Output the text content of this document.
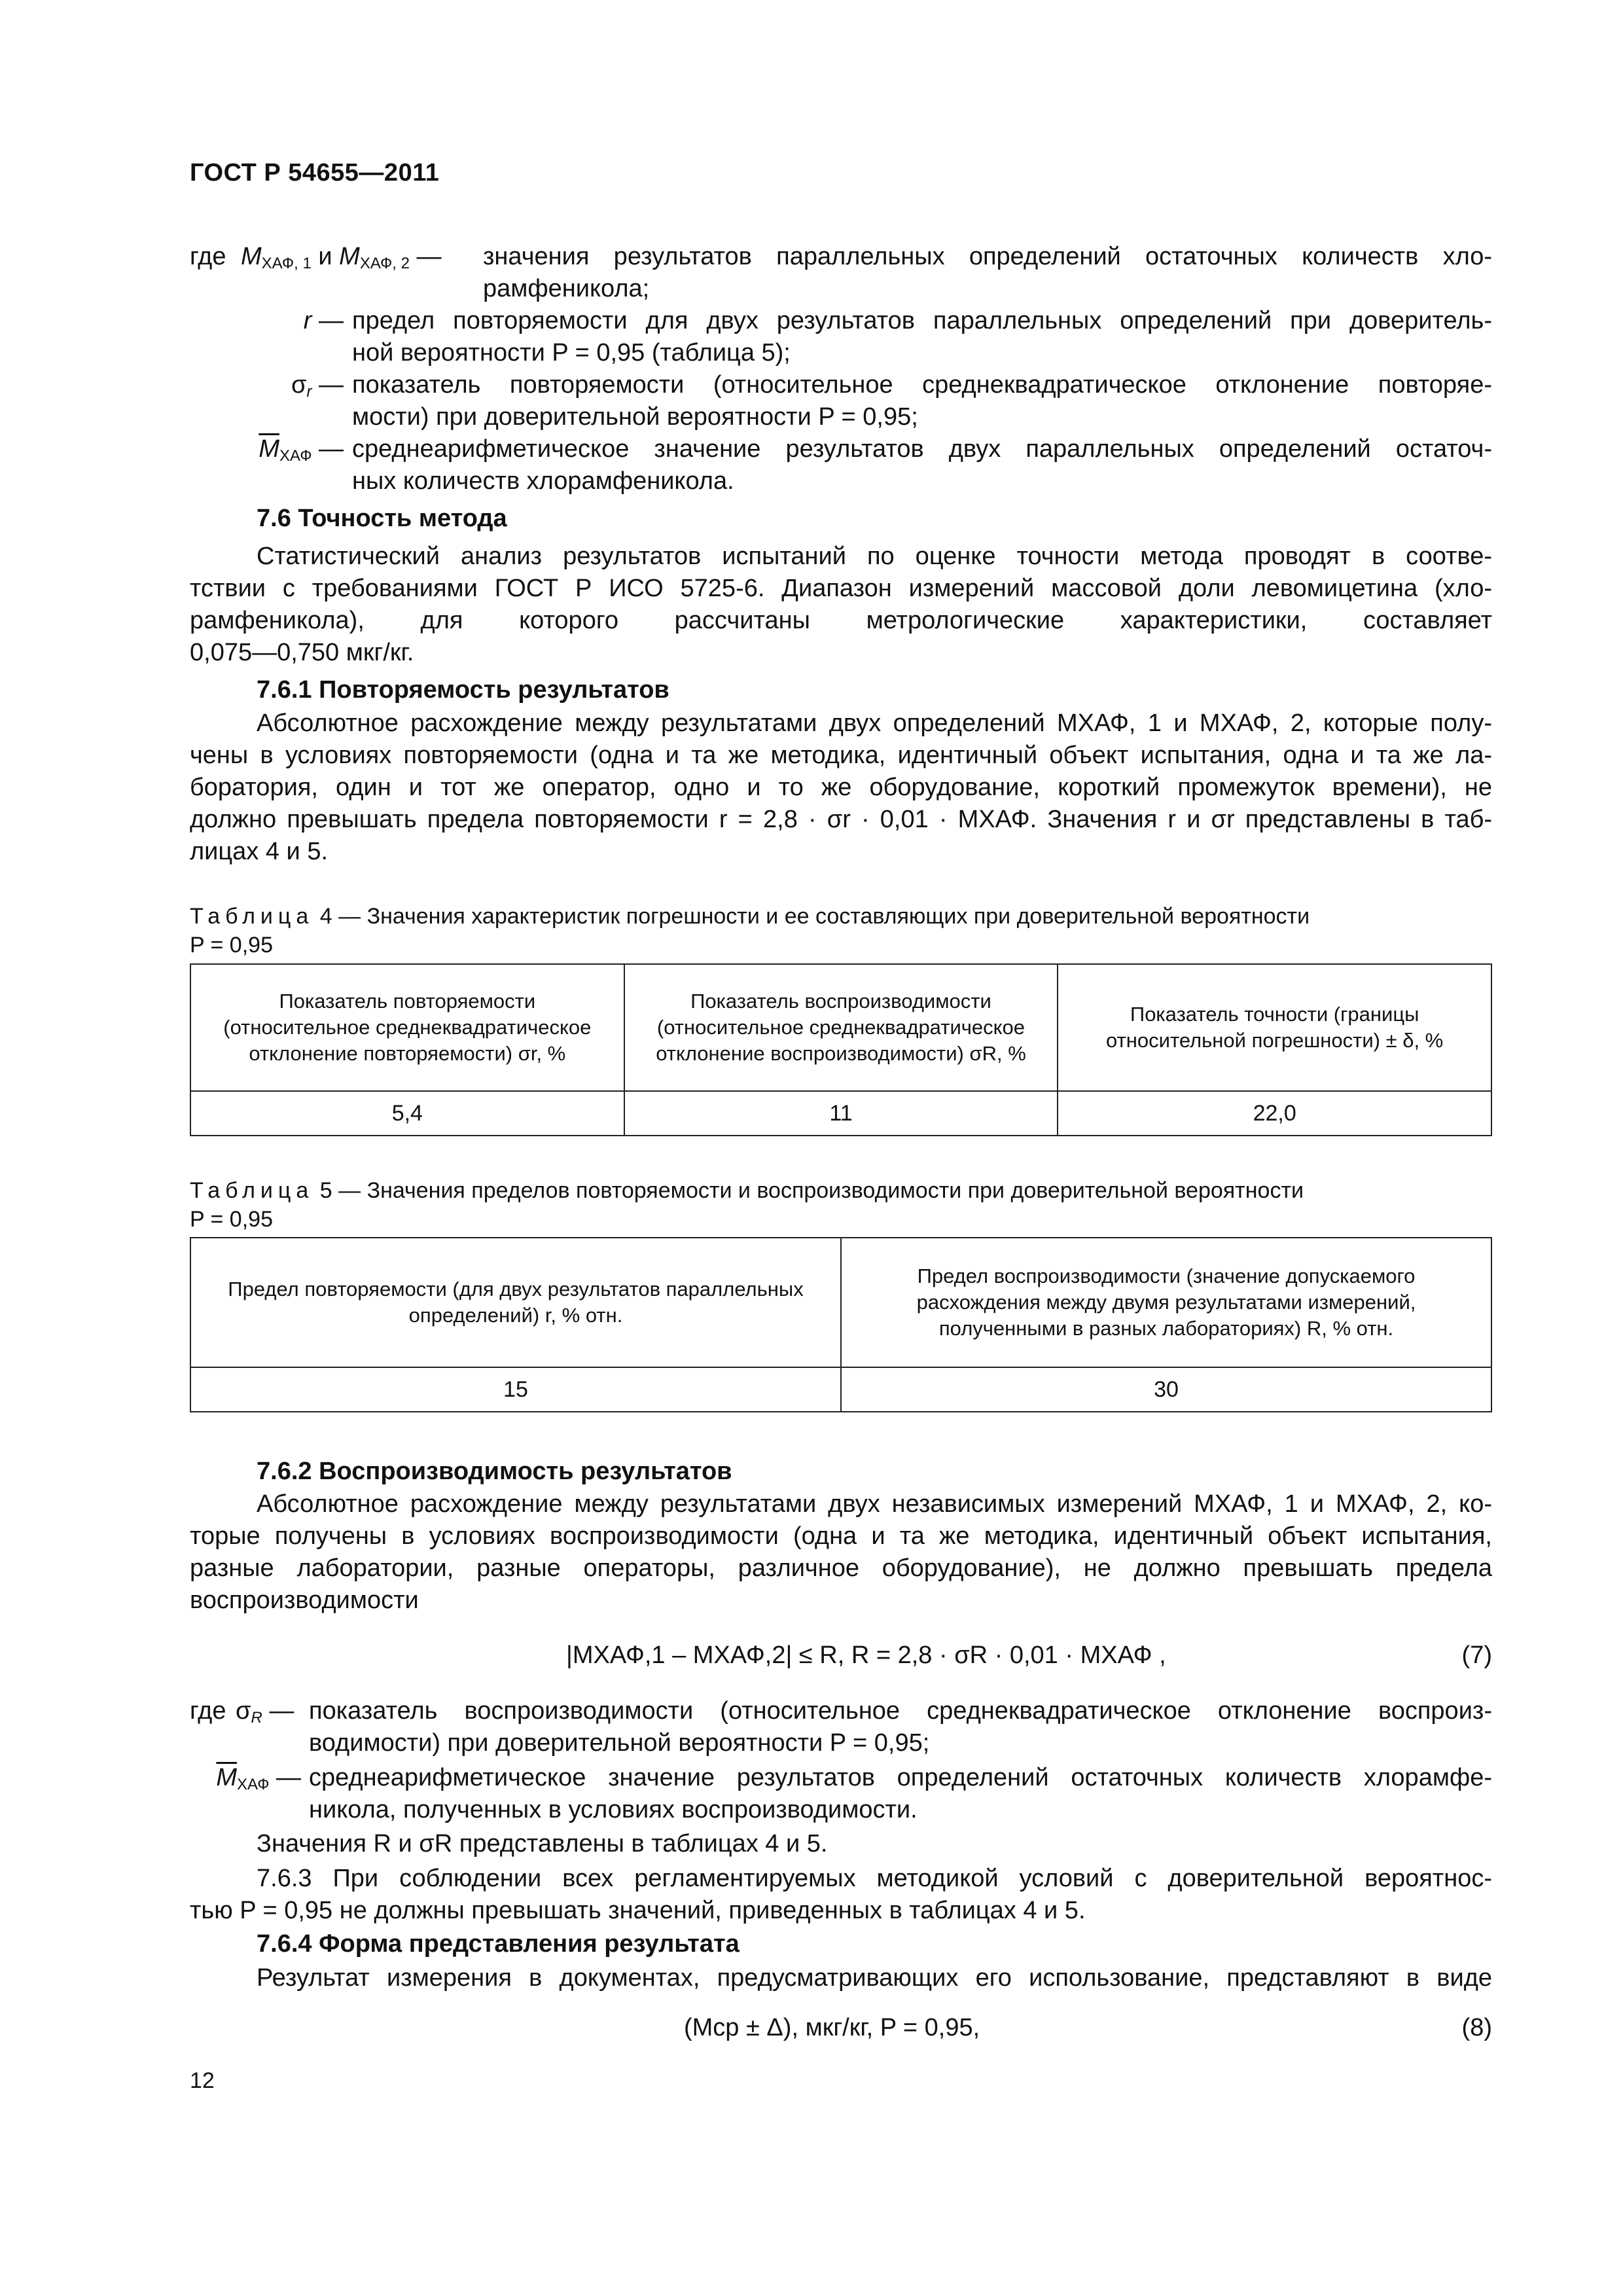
ГОСТ Р 54655—2011
где $M_{ХАФ, 1}$ и $M_{ХАФ, 2}$ — значения результатов параллельных определений остаточных количеств хло-
рамфеникола;
r — предел повторяемости для двух результатов параллельных определений при доверитель-
ной вероятности P = 0,95 (таблица 5);
$\sigma_r$ — показатель повторяемости (относительное среднеквадратическое отклонение повторяе-
мости) при доверительной вероятности P = 0,95;
$\overline{M}_{ХАФ}$ — среднеарифметическое значение результатов двух параллельных определений остаточ-
ных количеств хлорамфеникола.
7.6 Точность метода
Статистический анализ результатов испытаний по оценке точности метода проводят в соотве-
тствии с требованиями ГОСТ Р ИСО 5725-6. Диапазон измерений массовой доли левомицетина (хло-
рамфеникола), для которого рассчитаны метрологические характеристики, составляет
0,075—0,750 мкг/кг.
7.6.1 Повторяемость результатов
Абсолютное расхождение между результатами двух определений MХАФ, 1 и MХАФ, 2, которые полу-
чены в условиях повторяемости (одна и та же методика, идентичный объект испытания, одна и та же ла-
боратория, один и тот же оператор, одно и то же оборудование, короткий промежуток времени), не
должно превышать предела повторяемости r = 2,8 · σr · 0,01 · MХАФ. Значения r и σr представлены в таб-
лицах 4 и 5.
Таблица 4 — Значения характеристик погрешности и ее составляющих при доверительной вероятности
P = 0,95
Показатель повторяемости
(относительное среднеквадратическое
отклонение повторяемости) σr, %	Показатель воспроизводимости
(относительное среднеквадратическое
отклонение воспроизводимости) σR, %	Показатель точности (границы
относительной погрешности) ± δ, %
5,4	11	22,0
Таблица 5 — Значения пределов повторяемости и воспроизводимости при доверительной вероятности
P = 0,95
Предел повторяемости (для двух результатов параллельных
определений) r, % отн.	Предел воспроизводимости (значение допускаемого
расхождения между двумя результатами измерений,
полученными в разных лабораториях) R, % отн.
15	30
7.6.2 Воспроизводимость результатов
Абсолютное расхождение между результатами двух независимых измерений MХАФ, 1 и MХАФ, 2, ко-
торые получены в условиях воспроизводимости (одна и та же методика, идентичный объект испытания,
разные лаборатории, разные операторы, различное оборудование), не должно превышать предела
воспроизводимости
|MХАФ,1 – MХАФ,2| ≤ R, R = 2,8 · σR · 0,01 · MХАФ ,	(7)
где $\sigma_R$ — показатель воспроизводимости (относительное среднеквадратическое отклонение воспроиз-
водимости) при доверительной вероятности P = 0,95;
$\overline{M}_{ХАФ}$ — среднеарифметическое значение результатов определений остаточных количеств хлорамфе-
никола, полученных в условиях воспроизводимости.
Значения R и σR представлены в таблицах 4 и 5.
7.6.3 При соблюдении всех регламентируемых методикой условий с доверительной вероятнос-
тью P = 0,95 не должны превышать значений, приведенных в таблицах 4 и 5.
7.6.4 Форма представления результата
Результат измерения в документах, предусматривающих его использование, представляют в виде
(Mср ± Δ), мкг/кг, P = 0,95,	(8)
12
